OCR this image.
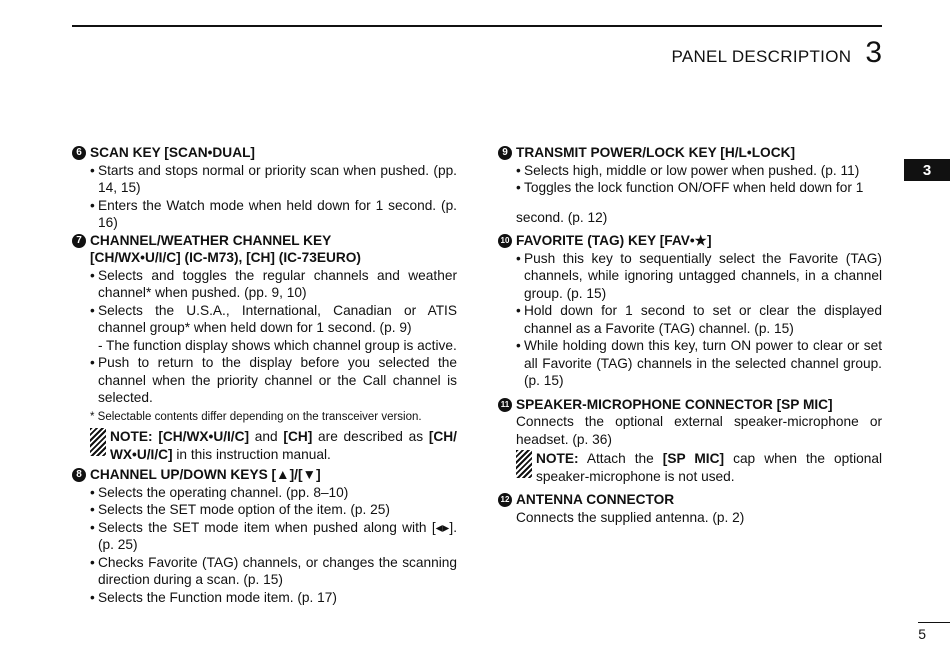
PANEL DESCRIPTION 3
3
6 SCAN KEY [SCAN•DUAL]
• Starts and stops normal or priority scan when pushed. (pp. 14, 15)
• Enters the Watch mode when held down for 1 second. (p. 16)
7 CHANNEL/WEATHER CHANNEL KEY
[CH/WX•U/I/C] (IC-M73), [CH] (IC-73EURO)
• Selects and toggles the regular channels and weather channel* when pushed. (pp. 9, 10)
• Selects the U.S.A., International, Canadian or ATIS channel group* when held down for 1 second. (p. 9)
- The function display shows which channel group is active.
• Push to return to the display before you selected the channel when the priority channel or the Call channel is selected.
* Selectable contents differ depending on the transceiver version.
NOTE: [CH/WX•U/I/C] and [CH] are described as [CH/ WX•U/I/C] in this instruction manual.
8 CHANNEL UP/DOWN KEYS [▲]/[▼]
• Selects the operating channel. (pp. 8–10)
• Selects the SET mode option of the item. (p. 25)
• Selects the SET mode item when pushed along with [◂▸]. (p. 25)
• Checks Favorite (TAG) channels, or changes the scanning direction during a scan. (p. 15)
• Selects the Function mode item. (p. 17)
9 TRANSMIT POWER/LOCK KEY [H/L•LOCK]
• Selects high, middle or low power when pushed. (p. 11)
• Toggles the lock function ON/OFF when held down for 1
second. (p. 12)
10 FAVORITE (TAG) KEY [FAV•★]
• Push this key to sequentially select the Favorite (TAG) channels, while ignoring untagged channels, in a channel group. (p. 15)
• Hold down for 1 second to set or clear the displayed channel as a Favorite (TAG) channel. (p. 15)
• While holding down this key, turn ON power to clear or set all Favorite (TAG) channels in the selected channel group. (p. 15)
11 SPEAKER-MICROPHONE CONNECTOR [SP MIC]
Connects the optional external speaker-microphone or headset. (p. 36)
NOTE: Attach the [SP MIC] cap when the optional speaker-microphone is not used.
12 ANTENNA CONNECTOR
Connects the supplied antenna. (p. 2)
5
